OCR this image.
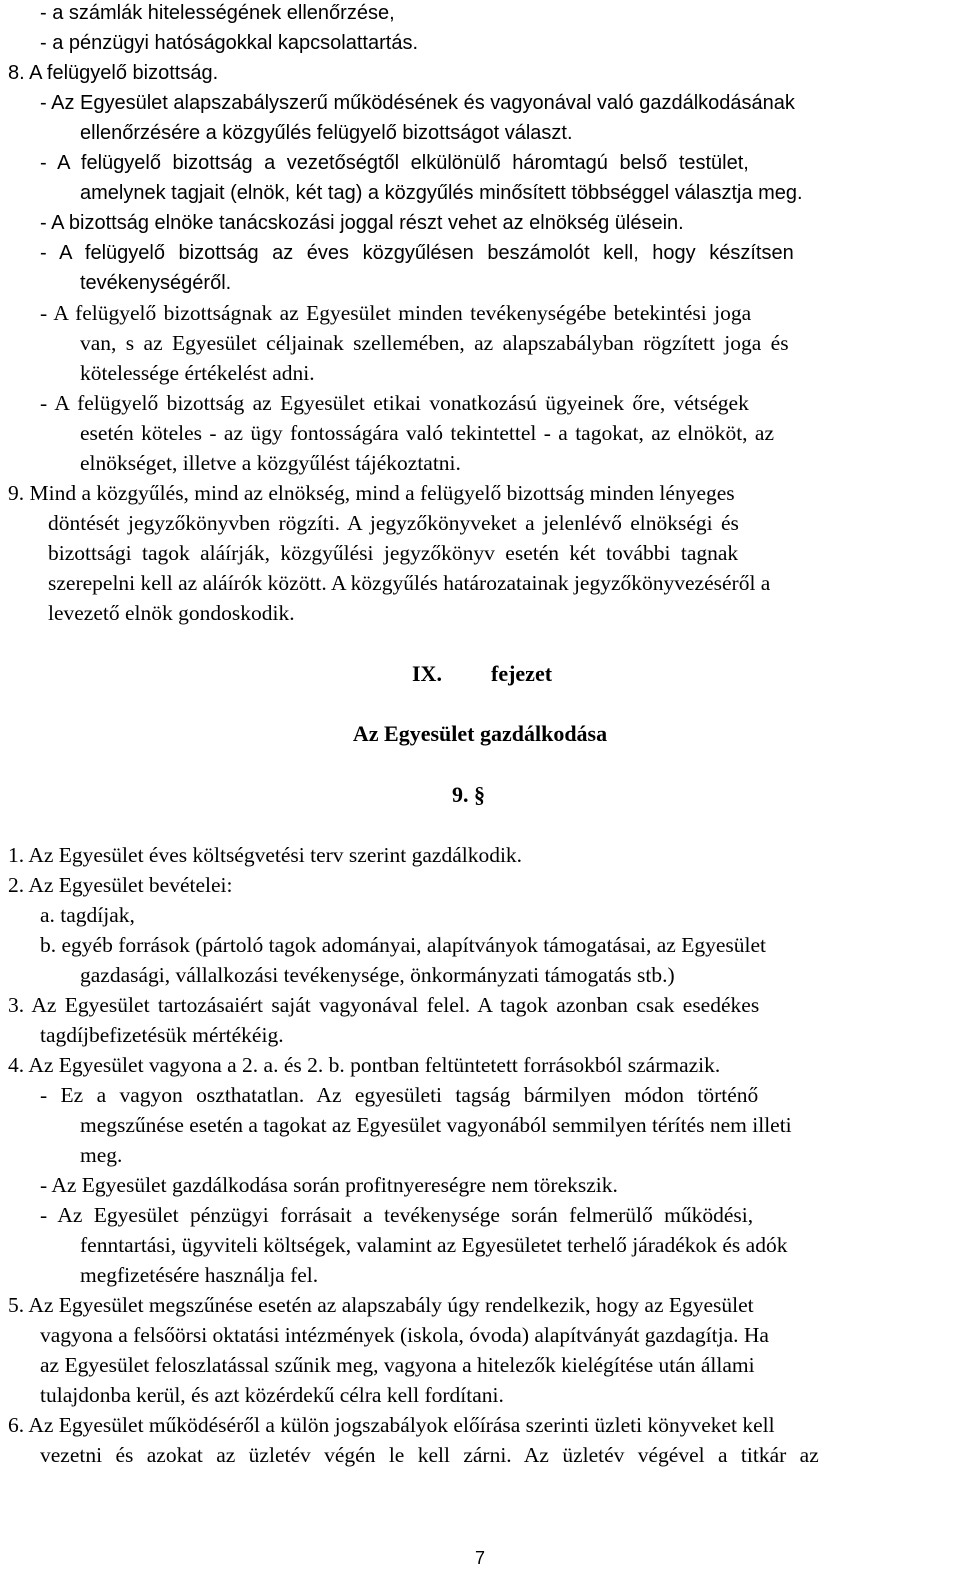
- a számlák hitelességének ellenőrzése,
- a pénzügyi hatóságokkal kapcsolattartás.
8. A felügyelő bizottság.
- Az Egyesület alapszabályszerű működésének és vagyonával való gazdálkodásának
ellenőrzésére a közgyűlés felügyelő bizottságot választ.
- A felügyelő bizottság a vezetőségtől elkülönülő háromtagú belső testület,
amelynek tagjait (elnök, két tag) a közgyűlés minősített többséggel választja meg.
- A bizottság elnöke tanácskozási joggal részt vehet az elnökség ülésein.
- A felügyelő bizottság az éves közgyűlésen beszámolót kell, hogy készítsen
tevékenységéről.
- A felügyelő bizottságnak az Egyesület minden tevékenységébe betekintési joga
van, s az Egyesület céljainak szellemében, az alapszabályban rögzített joga és
kötelessége értékelést adni.
- A felügyelő bizottság az Egyesület etikai vonatkozású ügyeinek őre, vétségek
esetén köteles - az ügy fontosságára való tekintettel - a tagokat, az elnököt, az
elnökséget, illetve a közgyűlést tájékoztatni.
9. Mind a közgyűlés, mind az elnökség, mind a felügyelő bizottság minden lényeges
döntését jegyzőkönyvben rögzíti. A jegyzőkönyveket a jelenlévő elnökségi és
bizottsági tagok aláírják, közgyűlési jegyzőkönyv esetén két további tagnak
szerepelni kell az aláírók között. A közgyűlés határozatainak jegyzőkönyvezéséről a
levezető elnök gondoskodik.
IX. fejezet
Az Egyesület gazdálkodása
9. §
1. Az Egyesület éves költségvetési terv szerint gazdálkodik.
2. Az Egyesület bevételei:
a. tagdíjak,
b. egyéb források (pártoló tagok adományai, alapítványok támogatásai, az Egyesület
gazdasági, vállalkozási tevékenysége, önkormányzati támogatás stb.)
3. Az Egyesület tartozásaiért saját vagyonával felel. A tagok azonban csak esedékes
tagdíjbefizetésük mértékéig.
4. Az Egyesület vagyona a 2. a. és 2. b. pontban feltüntetett forrásokból származik.
- Ez a vagyon oszthatatlan. Az egyesületi tagság bármilyen módon történő
megszűnése esetén a tagokat az Egyesület vagyonából semmilyen térítés nem illeti
meg.
- Az Egyesület gazdálkodása során profitnyereségre nem törekszik.
- Az Egyesület pénzügyi forrásait a tevékenysége során felmerülő működési,
fenntartási, ügyviteli költségek, valamint az Egyesületet terhelő járadékok és adók
megfizetésére használja fel.
5. Az Egyesület megszűnése esetén az alapszabály úgy rendelkezik, hogy az Egyesület
vagyona a felsőörsi oktatási intézmények (iskola, óvoda) alapítványát gazdagítja. Ha
az Egyesület feloszlatással szűnik meg, vagyona a hitelezők kielégítése után állami
tulajdonba kerül, és azt közérdekű célra kell fordítani.
6. Az Egyesület működéséről a külön jogszabályok előírása szerinti üzleti könyveket kell
vezetni és azokat az üzletév végén le kell zárni. Az üzletév végével a titkár az
7
